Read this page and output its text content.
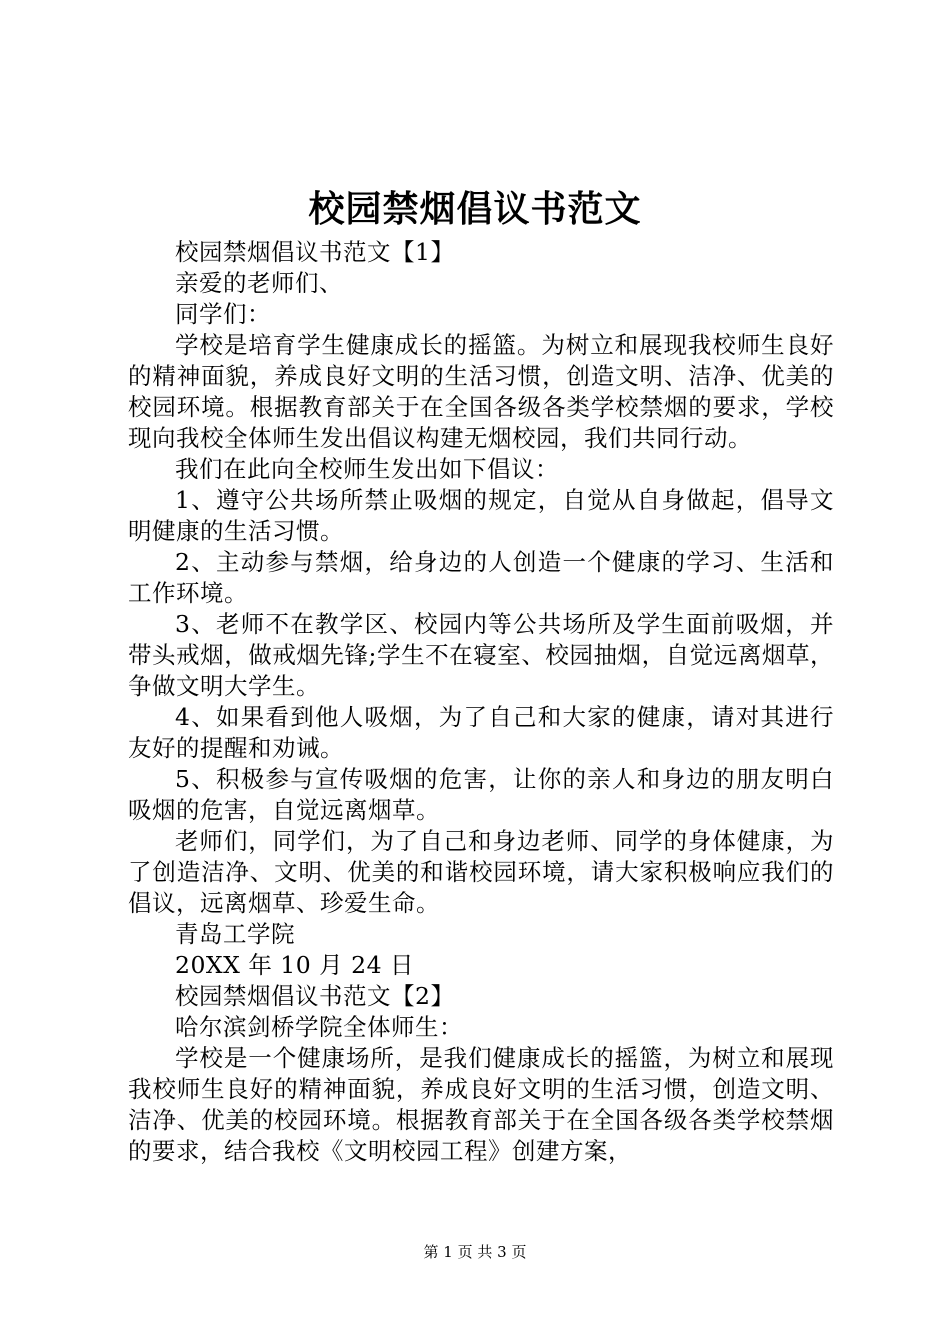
校园禁烟倡议书范文

校园禁烟倡议书范文【1】

亲爱的老师们、

同学们：

学校是培育学生健康成长的摇篮。为树立和展现我校师生良好的精神面貌，养成良好文明的生活习惯，创造文明、洁净、优美的校园环境。根据教育部关于在全国各级各类学校禁烟的要求，学校现向我校全体师生发出倡议构建无烟校园，我们共同行动。

我们在此向全校师生发出如下倡议：

1、遵守公共场所禁止吸烟的规定，自觉从自身做起，倡导文明健康的生活习惯。

2、主动参与禁烟，给身边的人创造一个健康的学习、生活和工作环境。

3、老师不在教学区、校园内等公共场所及学生面前吸烟，并带头戒烟，做戒烟先锋;学生不在寝室、校园抽烟，自觉远离烟草，争做文明大学生。

4、如果看到他人吸烟，为了自己和大家的健康，请对其进行友好的提醒和劝诫。

5、积极参与宣传吸烟的危害，让你的亲人和身边的朋友明白吸烟的危害，自觉远离烟草。

老师们，同学们，为了自己和身边老师、同学的身体健康，为了创造洁净、文明、优美的和谐校园环境，请大家积极响应我们的倡议，远离烟草、珍爱生命。

青岛工学院

20XX 年 10 月 24 日

校园禁烟倡议书范文【2】

哈尔滨剑桥学院全体师生：

学校是一个健康场所，是我们健康成长的摇篮，为树立和展现我校师生良好的精神面貌，养成良好文明的生活习惯，创造文明、洁净、优美的校园环境。根据教育部关于在全国各级各类学校禁烟的要求，结合我校《文明校园工程》创建方案，

第 1 页 共 3 页
